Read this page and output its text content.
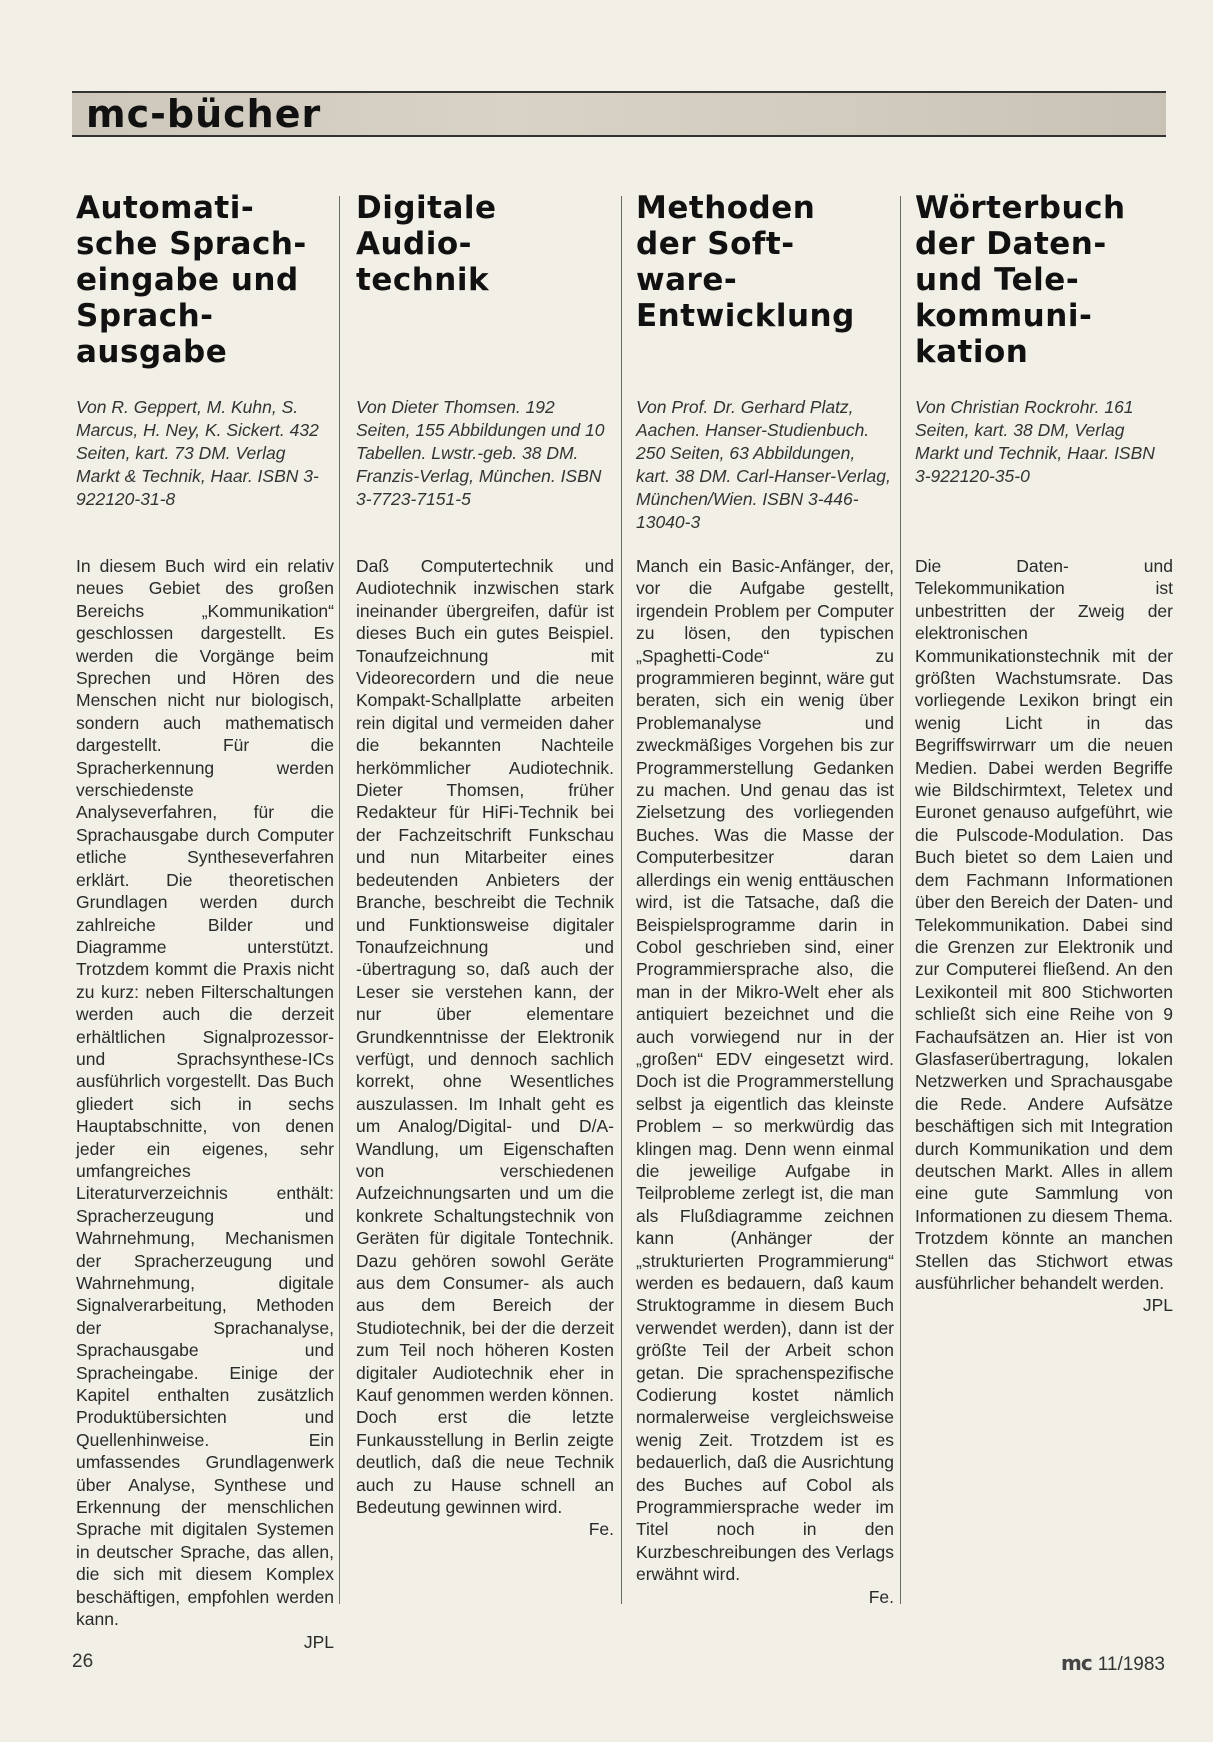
mc-bücher
Automati- sche Sprach- eingabe und Sprach- ausgabe

Von R. Geppert, M. Kuhn, S. Marcus, H. Ney, K. Sickert. 432 Seiten, kart. 73 DM. Verlag Markt & Technik, Haar. ISBN 3-922120-31-8

In diesem Buch wird ein relativ neues Gebiet des großen Bereichs „Kommunikation“ geschlossen dargestellt. Es werden die Vorgänge beim Sprechen und Hören des Menschen nicht nur biologisch, sondern auch mathematisch dargestellt. Für die Spracherkennung werden verschiedenste Analyseverfahren, für die Sprachausgabe durch Computer etliche Syntheseverfahren erklärt. Die theoretischen Grundlagen werden durch zahlreiche Bilder und Diagramme unterstützt. Trotzdem kommt die Praxis nicht zu kurz: neben Filterschaltungen werden auch die derzeit erhältlichen Signalprozessor- und Sprachsynthese-ICs ausführlich vorgestellt. Das Buch gliedert sich in sechs Hauptabschnitte, von denen jeder ein eigenes, sehr umfangreiches Literaturverzeichnis enthält: Spracherzeugung und Wahrnehmung, Mechanismen der Spracherzeugung und Wahrnehmung, digitale Signalverarbeitung, Methoden der Sprachanalyse, Sprachausgabe und Spracheingabe. Einige der Kapitel enthalten zusätzlich Produktübersichten und Quellenhinweise. Ein umfassendes Grundlagenwerk über Analyse, Synthese und Erkennung der menschlichen Sprache mit digitalen Systemen in deutscher Sprache, das allen, die sich mit diesem Komplex beschäftigen, empfohlen werden kann.
JPL

Digitale Audio- technik

Von Dieter Thomsen. 192 Seiten, 155 Abbildungen und 10 Tabellen. Lwstr.-geb. 38 DM. Franzis-Verlag, München. ISBN 3-7723-7151-5

Daß Computertechnik und Audiotechnik inzwischen stark ineinander übergreifen, dafür ist dieses Buch ein gutes Beispiel. Tonaufzeichnung mit Videorecordern und die neue Kompakt-Schallplatte arbeiten rein digital und vermeiden daher die bekannten Nachteile herkömmlicher Audiotechnik. Dieter Thomsen, früher Redakteur für HiFi-Technik bei der Fachzeitschrift Funkschau und nun Mitarbeiter eines bedeutenden Anbieters der Branche, beschreibt die Technik und Funktionsweise digitaler Tonaufzeichnung und -übertragung so, daß auch der Leser sie verstehen kann, der nur über elementare Grundkenntnisse der Elektronik verfügt, und dennoch sachlich korrekt, ohne Wesentliches auszulassen. Im Inhalt geht es um Analog/Digital- und D/A-Wandlung, um Eigenschaften von verschiedenen Aufzeichnungsarten und um die konkrete Schaltungstechnik von Geräten für digitale Tontechnik. Dazu gehören sowohl Geräte aus dem Consumer- als auch aus dem Bereich der Studiotechnik, bei der die derzeit zum Teil noch höheren Kosten digitaler Audiotechnik eher in Kauf genommen werden können. Doch erst die letzte Funkausstellung in Berlin zeigte deutlich, daß die neue Technik auch zu Hause schnell an Bedeutung gewinnen wird.
Fe.

Methoden der Soft- ware- Entwicklung

Von Prof. Dr. Gerhard Platz, Aachen. Hanser-Studienbuch. 250 Seiten, 63 Abbildungen, kart. 38 DM. Carl-Hanser-Verlag, München/Wien. ISBN 3-446-13040-3

Manch ein Basic-Anfänger, der, vor die Aufgabe gestellt, irgendein Problem per Computer zu lösen, den typischen „Spaghetti-Code“ zu programmieren beginnt, wäre gut beraten, sich ein wenig über Problemanalyse und zweckmäßiges Vorgehen bis zur Programmerstellung Gedanken zu machen. Und genau das ist Zielsetzung des vorliegenden Buches. Was die Masse der Computerbesitzer daran allerdings ein wenig enttäuschen wird, ist die Tatsache, daß die Beispielsprogramme darin in Cobol geschrieben sind, einer Programmiersprache also, die man in der Mikro-Welt eher als antiquiert bezeichnet und die auch vorwiegend nur in der „großen“ EDV eingesetzt wird. Doch ist die Programmerstellung selbst ja eigentlich das kleinste Problem – so merkwürdig das klingen mag. Denn wenn einmal die jeweilige Aufgabe in Teilprobleme zerlegt ist, die man als Flußdiagramme zeichnen kann (Anhänger der „strukturierten Programmierung“ werden es bedauern, daß kaum Struktogramme in diesem Buch verwendet werden), dann ist der größte Teil der Arbeit schon getan. Die sprachenspezifische Codierung kostet nämlich normalerweise vergleichsweise wenig Zeit. Trotzdem ist es bedauerlich, daß die Ausrichtung des Buches auf Cobol als Programmiersprache weder im Titel noch in den Kurzbeschreibungen des Verlags erwähnt wird.
Fe.

Wörterbuch der Daten- und Tele- kommuni- kation

Von Christian Rockrohr. 161 Seiten, kart. 38 DM, Verlag Markt und Technik, Haar. ISBN 3-922120-35-0

Die Daten- und Telekommunikation ist unbestritten der Zweig der elektronischen Kommunikationstechnik mit der größten Wachstumsrate. Das vorliegende Lexikon bringt ein wenig Licht in das Begriffswirrwarr um die neuen Medien. Dabei werden Begriffe wie Bildschirmtext, Teletex und Euronet genauso aufgeführt, wie die Pulscode-Modulation. Das Buch bietet so dem Laien und dem Fachmann Informationen über den Bereich der Daten- und Telekommunikation. Dabei sind die Grenzen zur Elektronik und zur Computerei fließend. An den Lexikonteil mit 800 Stichworten schließt sich eine Reihe von 9 Fachaufsätzen an. Hier ist von Glasfaserübertragung, lokalen Netzwerken und Sprachausgabe die Rede. Andere Aufsätze beschäftigen sich mit Integration durch Kommunikation und dem deutschen Markt. Alles in allem eine gute Sammlung von Informationen zu diesem Thema. Trotzdem könnte an manchen Stellen das Stichwort etwas ausführlicher behandelt werden.
JPL

26	mc 11/1983
